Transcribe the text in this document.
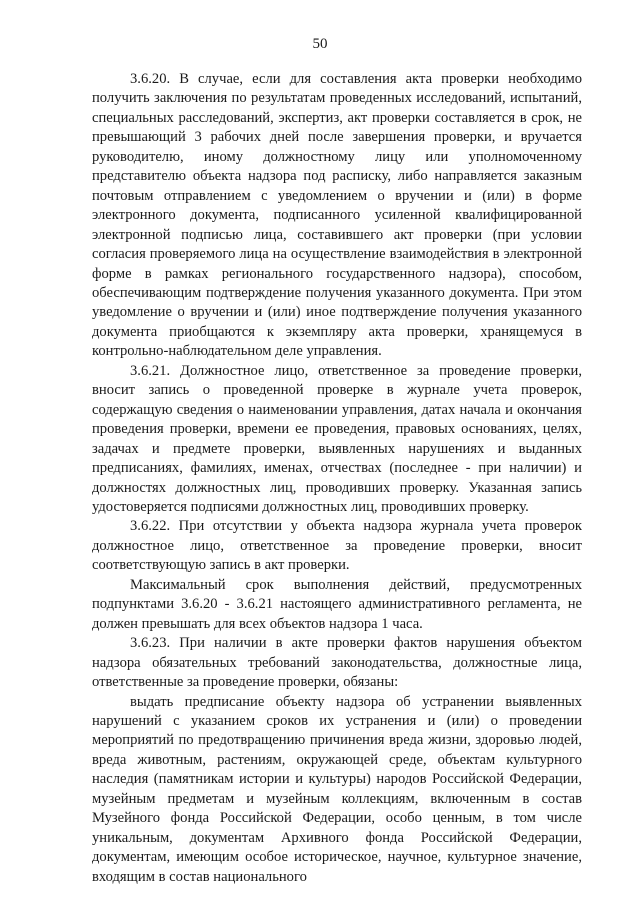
50

3.6.20. В случае, если для составления акта проверки необходимо получить заключения по результатам проведенных исследований, испытаний, специальных расследований, экспертиз, акт проверки составляется в срок, не превышающий 3 рабочих дней после завершения проверки, и вручается руководителю, иному должностному лицу или уполномоченному представителю объекта надзора под расписку, либо направляется заказным почтовым отправлением с уведомлением о вручении и (или) в форме электронного документа, подписанного усиленной квалифицированной электронной подписью лица, составившего акт проверки (при условии согласия проверяемого лица на осуществление взаимодействия в электронной форме в рамках регионального государственного надзора), способом, обеспечивающим подтверждение получения указанного документа. При этом уведомление о вручении и (или) иное подтверждение получения указанного документа приобщаются к экземпляру акта проверки, хранящемуся в контрольно-наблюдательном деле управления.

3.6.21. Должностное лицо, ответственное за проведение проверки, вносит запись о проведенной проверке в журнале учета проверок, содержащую сведения о наименовании управления, датах начала и окончания проведения проверки, времени ее проведения, правовых основаниях, целях, задачах и предмете проверки, выявленных нарушениях и выданных предписаниях, фамилиях, именах, отчествах (последнее - при наличии) и должностях должностных лиц, проводивших проверку. Указанная запись удостоверяется подписями должностных лиц, проводивших проверку.

3.6.22. При отсутствии у объекта надзора журнала учета проверок должностное лицо, ответственное за проведение проверки, вносит соответствующую запись в акт проверки.

Максимальный срок выполнения действий, предусмотренных подпунктами 3.6.20 - 3.6.21 настоящего административного регламента, не должен превышать для всех объектов надзора 1 часа.

3.6.23. При наличии в акте проверки фактов нарушения объектом надзора обязательных требований законодательства, должностные лица, ответственные за проведение проверки, обязаны:

выдать предписание объекту надзора об устранении выявленных нарушений с указанием сроков их устранения и (или) о проведении мероприятий по предотвращению причинения вреда жизни, здоровью людей, вреда животным, растениям, окружающей среде, объектам культурного наследия (памятникам истории и культуры) народов Российской Федерации, музейным предметам и музейным коллекциям, включенным в состав Музейного фонда Российской Федерации, особо ценным, в том числе уникальным, документам Архивного фонда Российской Федерации, документам, имеющим особое историческое, научное, культурное значение, входящим в состав национального
